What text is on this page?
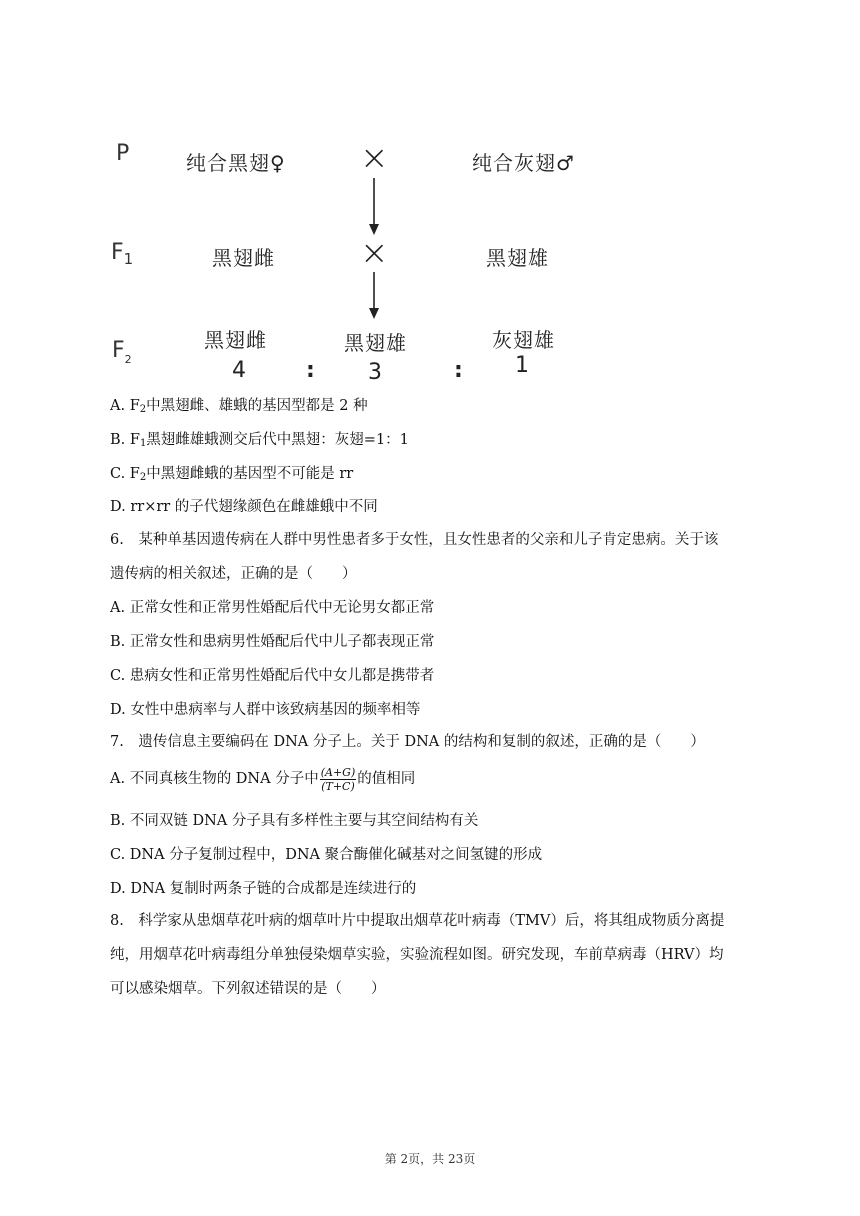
P	纯合黑翅♀ ×	纯合灰翅♂
$F_1$	黑翅雌	×	黑翅雄
黑翅雌	黑翅雄	灰翅雄
$F_2$	4	: 3	: 1
A. $F_2$中黑翅雌、雄蛾的基因型都是 2 种
B. $F_1$黑翅雌雄蛾测交后代中黑翅：灰翅=1：1
C. $F_2$中黑翅雌蛾的基因型不可能是 rr
D. rr×rr 的子代翅缘颜色在雌雄蛾中不同
6.　某种单基因遗传病在人群中男性患者多于女性，且女性患者的父亲和儿子肯定患病。关于该
遗传病的相关叙述，正确的是（　　）
A. 正常女性和正常男性婚配后代中无论男女都正常
B. 正常女性和患病男性婚配后代中儿子都表现正常
C. 患病女性和正常男性婚配后代中女儿都是携带者
D. 女性中患病率与人群中该致病基因的频率相等
7.　遗传信息主要编码在 DNA 分子上。关于 DNA 的结构和复制的叙述，正确的是（　　）
A. 不同真核生物的 DNA 分子中 $\frac{(A+G)}{(T+C)}$ 的值相同
B. 不同双链 DNA 分子具有多样性主要与其空间结构有关
C. DNA 分子复制过程中，DNA 聚合酶催化碱基对之间氢键的形成
D. DNA 复制时两条子链的合成都是连续进行的
8.　科学家从患烟草花叶病的烟草叶片中提取出烟草花叶病毒（TMV）后，将其组成物质分离提
纯，用烟草花叶病毒组分单独侵染烟草实验，实验流程如图。研究发现，车前草病毒（HRV）均
可以感染烟草。下列叙述错误的是（　　）
第 2页，共 23页
